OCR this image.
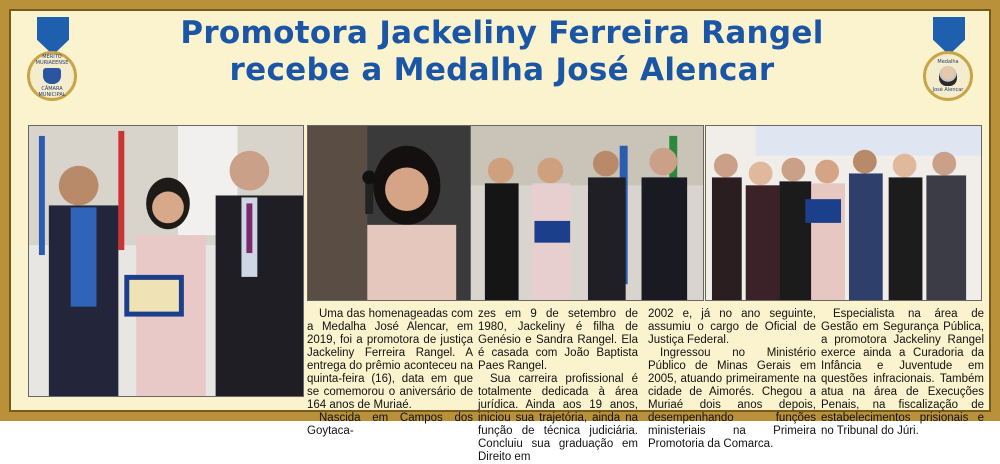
MÉRITO MURIAEENSE
CÂMARA MUNICIPAL
Promotora Jackeliny Ferreira Rangel
recebe a Medalha José Alencar	Medalha
José Alencar

Uma das homenageadas com a Medalha José Alencar, em 2019, foi a promotora de justiça Jackeliny Ferreira Rangel. A entrega do prêmio aconteceu na quinta-feira (16), data em que se comemorou o aniversário de 164 anos de Muriaé.

Nascida em Campos dos Goytaca-

zes em 9 de setembro de 1980, Jackeliny é filha de Genésio e Sandra Rangel. Ela é casada com João Baptista Paes Rangel.

Sua carreira profissional é totalmente dedicada à área jurídica. Ainda aos 19 anos, iniciou sua trajetória, ainda na função de técnica judiciária. Concluiu sua graduação em Direito em

2002 e, já no ano seguinte, assumiu o cargo de Oficial de Justiça Federal.

Ingressou no Ministério Público de Minas Gerais em 2005, atuando primeiramente na cidade de Aimorés. Chegou a Muriaé dois anos depois, desempenhando funções ministeriais na Primeira Promotoria da Comarca.

Especialista na área de Gestão em Segurança Pública, a promotora Jackeliny Rangel exerce ainda a Curadoria da Infância e Juventude em questões infracionais. Também atua na área de Execuções Penais, na fiscalização de estabelecimentos prisionais e no Tribunal do Júri.
